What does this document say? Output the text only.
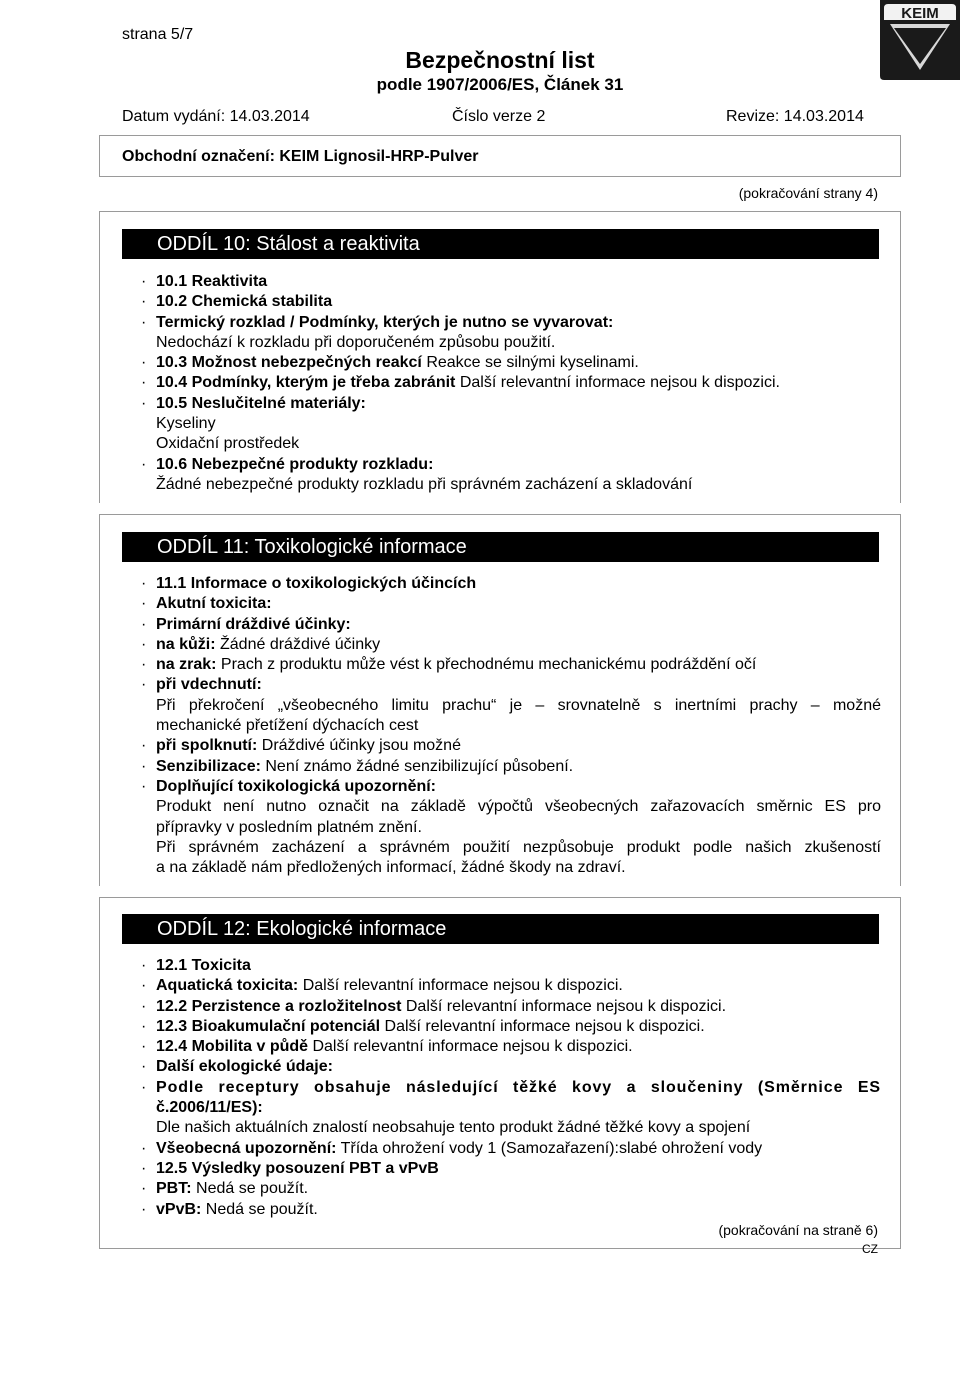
strana 5/7
Bezpečnostní list
podle 1907/2006/ES, Článek 31
KEIM
Datum vydání: 14.03.2014	Číslo verze 2	Revize: 14.03.2014
Obchodní označení: KEIM Lignosil-HRP-Pulver
(pokračování strany 4)
ODDÍL 10: Stálost a reaktivita
· 10.1 Reaktivita
· 10.2 Chemická stabilita
· Termický rozklad / Podmínky, kterých je nutno se vyvarovat:
Nedochází k rozkladu při doporučeném způsobu použití.
· 10.3 Možnost nebezpečných reakcí Reakce se silnými kyselinami.
· 10.4 Podmínky, kterým je třeba zabránit Další relevantní informace nejsou k dispozici.
· 10.5 Neslučitelné materiály:
Kyseliny
Oxidační prostředek
· 10.6 Nebezpečné produkty rozkladu:
Žádné nebezpečné produkty rozkladu při správném zacházení a skladování
ODDÍL 11: Toxikologické informace
· 11.1 Informace o toxikologických účincích
· Akutní toxicita:
· Primární dráždivé účinky:
· na kůži: Žádné dráždivé účinky
· na zrak: Prach z produktu může vést k přechodnému mechanickému podráždění očí
· při vdechnutí:
Při překročení „všeobecného limitu prachu“ je – srovnatelně s inertními prachy – možné
mechanické přetížení dýchacích cest
· při spolknutí: Dráždivé účinky jsou možné
· Senzibilizace: Není známo žádné senzibilizující působení.
· Doplňující toxikologická upozornění:
Produkt není nutno označit na základě výpočtů všeobecných zařazovacích směrnic ES pro
přípravky v posledním platném znění.
Při správném zacházení a správném použití nezpůsobuje produkt podle našich zkušeností
a na základě nám předložených informací, žádné škody na zdraví.
ODDÍL 12: Ekologické informace
· 12.1 Toxicita
· Aquatická toxicita: Další relevantní informace nejsou k dispozici.
· 12.2 Perzistence a rozložitelnost Další relevantní informace nejsou k dispozici.
· 12.3 Bioakumulační potenciál Další relevantní informace nejsou k dispozici.
· 12.4 Mobilita v půdě Další relevantní informace nejsou k dispozici.
· Další ekologické údaje:
· Podle receptury obsahuje následující těžké kovy a sloučeniny (Směrnice ES
č.2006/11/ES):
Dle našich aktuálních znalostí neobsahuje tento produkt žádné těžké kovy a spojení
· Všeobecná upozornění: Třída ohrožení vody 1 (Samozařazení):slabé ohrožení vody
· 12.5 Výsledky posouzení PBT a vPvB
· PBT: Nedá se použít.
· vPvB: Nedá se použít.
(pokračování na straně 6)
CZ
